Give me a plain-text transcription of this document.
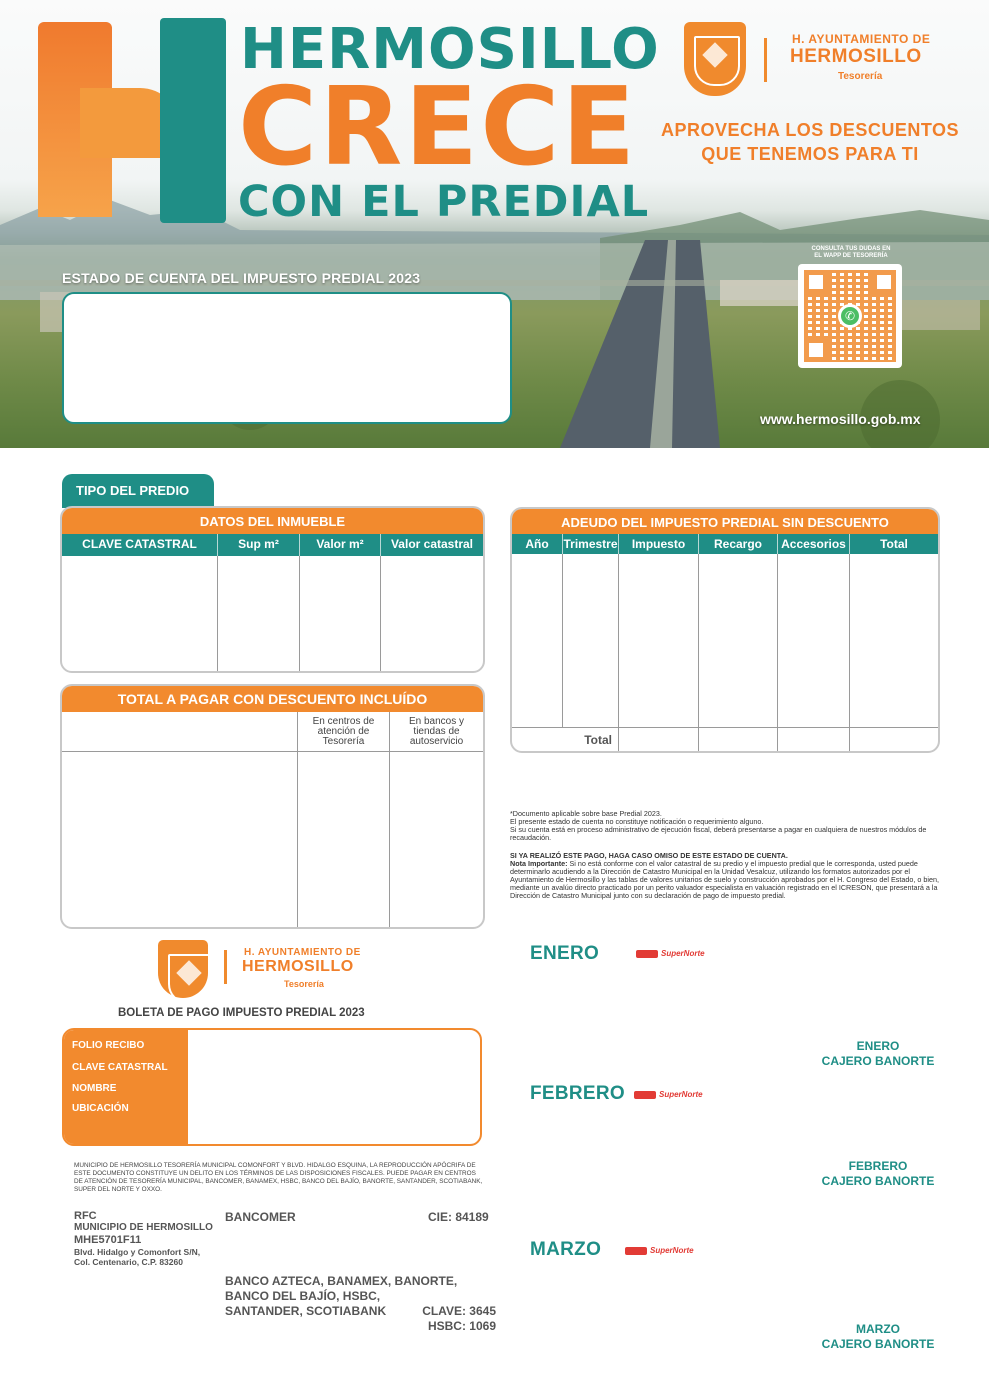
HERMOSILLO
CRECE
CON EL PREDIAL
H. AYUNTAMIENTO DE
HERMOSILLO
Tesorería
APROVECHA LOS DESCUENTOS
QUE TENEMOS PARA TI
CONSULTA TUS DUDAS EN
EL WAPP DE TESORERÍA
✆
www.hermosillo.gob.mx
ESTADO DE CUENTA DEL IMPUESTO PREDIAL 2023
TIPO DEL PREDIO
DATOS DEL INMUEBLE
CLAVE CATASTRAL	Sup m²	Valor m²	Valor catastral
ADEUDO DEL IMPUESTO PREDIAL SIN DESCUENTO
Año	Trimestre	Impuesto	Recargo	Accesorios	Total
Total
TOTAL A PAGAR CON DESCUENTO INCLUÍDO
En centros de atención de Tesorería
En bancos y tiendas de autoservicio
*Documento aplicable sobre base Predial 2023.
El presente estado de cuenta no constituye notificación o requerimiento alguno.
Si su cuenta está en proceso administrativo de ejecución fiscal, deberá presentarse a pagar en cualquiera de nuestros módulos de recaudación.
SI YA REALIZÓ ESTE PAGO, HAGA CASO OMISO DE ESTE ESTADO DE CUENTA.
Nota Importante: Si no está conforme con el valor catastral de su predio y el impuesto predial que le corresponda, usted puede determinarlo acudiendo a la Dirección de Catastro Municipal en la Unidad Vesalcuz, utilizando los formatos autorizados por el Ayuntamiento de Hermosillo y las tablas de valores unitarios de suelo y construcción aprobados por el H. Congreso del Estado, o bien, mediante un avalúo directo practicado por un perito valuador especialista en valuación registrado en el ICRESON, que presentará a la Dirección de Catastro Municipal junto con su declaración de pago de impuesto predial.
H. AYUNTAMIENTO DE
HERMOSILLO
Tesorería
BOLETA DE PAGO IMPUESTO PREDIAL 2023
FOLIO RECIBO
CLAVE CATASTRAL
NOMBRE
UBICACIÓN
MUNICIPIO DE HERMOSILLO TESORERÍA MUNICIPAL COMONFORT Y BLVD. HIDALGO ESQUINA, LA REPRODUCCIÓN APÓCRIFA DE ESTE DOCUMENTO CONSTITUYE UN DELITO EN LOS TÉRMINOS DE LAS DISPOSICIONES FISCALES. PUEDE PAGAR EN CENTROS DE ATENCIÓN DE TESORERÍA MUNICIPAL, BANCOMER, BANAMEX, HSBC, BANCO DEL BAJÍO, BANORTE, SANTANDER, SCOTIABANK, SUPER DEL NORTE Y OXXO.
RFC
MUNICIPIO DE HERMOSILLO
MHE5701F11
Blvd. Hidalgo y Comonfort S/N,
Col. Centenario, C.P. 83260
BANCOMER	CIE: 84189
BANCO AZTECA, BANAMEX, BANORTE,
BANCO DEL BAJÍO, HSBC,
SANTANDER, SCOTIABANK	CLAVE: 3645
HSBC: 1069
ENERO	SuperNorte
ENERO
CAJERO BANORTE
FEBRERO	SuperNorte
FEBRERO
CAJERO BANORTE
MARZO	SuperNorte
MARZO
CAJERO BANORTE
